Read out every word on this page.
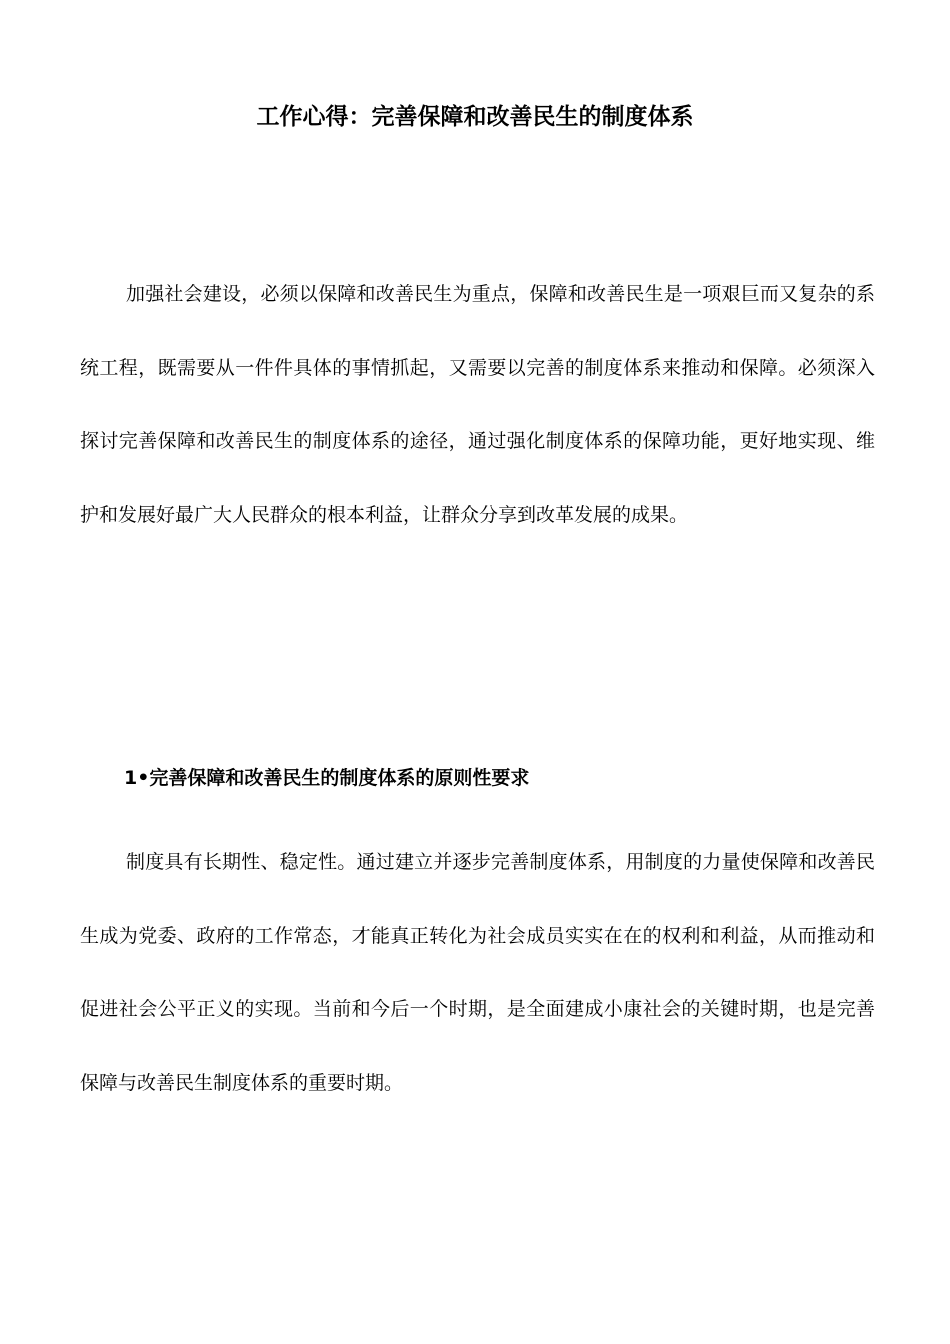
工作心得：完善保障和改善民生的制度体系
加强社会建设，必须以保障和改善民生为重点，保障和改善民生是一项艰巨而又复杂的系统工程，既需要从一件件具体的事情抓起，又需要以完善的制度体系来推动和保障。必须深入探讨完善保障和改善民生的制度体系的途径，通过强化制度体系的保障功能，更好地实现、维护和发展好最广大人民群众的根本利益，让群众分享到改革发展的成果。
1•完善保障和改善民生的制度体系的原则性要求
制度具有长期性、稳定性。通过建立并逐步完善制度体系，用制度的力量使保障和改善民生成为党委、政府的工作常态，才能真正转化为社会成员实实在在的权利和利益，从而推动和促进社会公平正义的实现。当前和今后一个时期，是全面建成小康社会的关键时期，也是完善保障与改善民生制度体系的重要时期。
